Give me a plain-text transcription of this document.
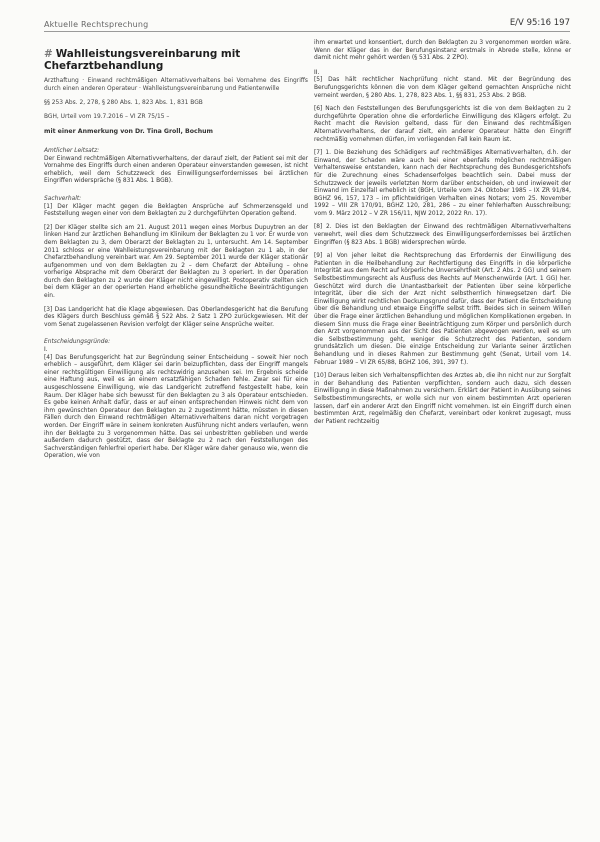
Aktuelle Rechtsprechung	E/V 95:16 197
# Wahlleistungsvereinbarung mit Chefarztbehandlung
Arzthaftung · Einwand rechtmäßigen Alternativverhaltens bei Vornahme des Eingriffs durch einen anderen Operateur · Wahlleistungsvereinbarung und Patientenwille
§§ 253 Abs. 2, 278, § 280 Abs. 1, 823 Abs. 1, 831 BGB
BGH, Urteil vom 19.7.2016 – VI ZR 75/15 –
mit einer Anmerkung von Dr. Tina Groll, Bochum
Amtlicher Leitsatz:

Der Einwand rechtmäßigen Alternativverhaltens, der darauf zielt, der Patient sei mit der Vornahme des Eingriffs durch einen anderen Operateur einverstanden gewesen, ist nicht erheblich, weil dem Schutzzweck des Einwilligungserfordernisses bei ärztlichen Eingriffen widerspräche (§ 831 Abs. 1 BGB).

Sachverhalt:

[1] Der Kläger macht gegen die Beklagten Ansprüche auf Schmerzensgeld und Feststellung wegen einer von dem Beklagten zu 2 durchgeführten Operation geltend.

[2] Der Kläger stellte sich am 21. August 2011 wegen eines Morbus Dupuytren an der linken Hand zur ärztlichen Behandlung im Klinikum der Beklagten zu 1 vor. Er wurde von dem Beklagten zu 3, dem Oberarzt der Beklagten zu 1, untersucht. Am 14. September 2011 schloss er eine Wahlleistungsvereinbarung mit der Beklagten zu 1 ab, in der Chefarztbehandlung vereinbart war. Am 29. September 2011 wurde der Kläger stationär aufgenommen und von dem Beklagten zu 2 – dem Chefarzt der Abteilung – ohne vorherige Absprache mit dem Oberarzt der Beklagten zu 3 operiert. In der Operation durch den Beklagten zu 2 wurde der Kläger nicht eingewilligt. Postoperativ stellten sich bei dem Kläger an der operierten Hand erhebliche gesundheitliche Beeinträchtigungen ein.

[3] Das Landgericht hat die Klage abgewiesen. Das Oberlandesgericht hat die Berufung des Klägers durch Beschluss gemäß § 522 Abs. 2 Satz 1 ZPO zurückgewiesen. Mit der vom Senat zugelassenen Revision verfolgt der Kläger seine Ansprüche weiter.

Entscheidungsgründe:
I.

[4] Das Berufungsgericht hat zur Begründung seiner Entscheidung – soweit hier noch erheblich – ausgeführt, dem Kläger sei darin beizupflichten, dass der Eingriff mangels einer rechtsgültigen Einwilligung als rechtswidrig anzusehen sei. Im Ergebnis scheide eine Haftung aus, weil es an einem ersatzfähigen Schaden fehle. Zwar sei für eine ausgeschlossene Einwilligung, wie das Landgericht zutreffend festgestellt habe, kein Raum. Der Kläger habe sich bewusst für den Beklagten zu 3 als Operateur entschieden. Es gebe keinen Anhalt dafür, dass er auf einen entsprechenden Hinweis nicht dem von ihm gewünschten Operateur den Beklagten zu 2 zugestimmt hätte, müssten in diesen Fällen durch den Einwand rechtmäßigen Alternativverhaltens daran nicht vorgetragen worden. Der Eingriff wäre in seinem konkreten Ausführung nicht anders verlaufen, wenn ihn der Beklagte zu 3 vorgenommen hätte. Das sei unbestritten geblieben und werde außerdem dadurch gestützt, dass der Beklagte zu 2 nach den Feststellungen des Sachverständigen fehlerfrei operiert habe. Der Kläger wäre daher genauso wie, wenn die Operation, wie von

ihm erwartet und konsentiert, durch den Beklagten zu 3 vorgenommen worden wäre. Wenn der Kläger das in der Berufungsinstanz erstmals in Abrede stelle, könne er damit nicht mehr gehört werden (§ 531 Abs. 2 ZPO).

II.

[5] Das hält rechtlicher Nachprüfung nicht stand. Mit der Begründung des Berufungsgerichts können die von dem Kläger geltend gemachten Ansprüche nicht verneint werden, § 280 Abs. 1, 278, 823 Abs. 1, §§ 831, 253 Abs. 2 BGB.

[6] Nach den Feststellungen des Berufungsgerichts ist die von dem Beklagten zu 2 durchgeführte Operation ohne die erforderliche Einwilligung des Klägers erfolgt. Zu Recht macht die Revision geltend, dass für den Einwand des rechtmäßigen Alternativverhaltens, der darauf zielt, ein anderer Operateur hätte den Eingriff rechtmäßig vornehmen dürfen, im vorliegenden Fall kein Raum ist.

[7] 1. Die Beziehung des Schädigers auf rechtmäßiges Alternativverhalten, d.h. der Einwand, der Schaden wäre auch bei einer ebenfalls möglichen rechtmäßigen Verhaltensweise entstanden, kann nach der Rechtsprechung des Bundesgerichtshofs für die Zurechnung eines Schadenserfolges beachtlich sein. Dabei muss der Schutzzweck der jeweils verletzten Norm darüber entscheiden, ob und inwieweit der Einwand im Einzelfall erheblich ist (BGH, Urteile vom 24. Oktober 1985 – IX ZR 91/84, BGHZ 96, 157, 173 – im pflichtwidrigen Verhalten eines Notars; vom 25. November 1992 – VIII ZR 170/91, BGHZ 120, 281, 286 – zu einer fehlerhaften Ausschreibung; vom 9. März 2012 – V ZR 156/11, NJW 2012, 2022 Rn. 17).

[8] 2. Dies ist den Beklagten der Einwand des rechtmäßigen Alternativverhaltens verwehrt, weil dies dem Schutzzweck des Einwilligungserfordernisses bei ärztlichen Eingriffen (§ 823 Abs. 1 BGB) widersprechen würde.

[9] a) Von jeher leitet die Rechtsprechung das Erfordernis der Einwilligung des Patienten in die Heilbehandlung zur Rechtfertigung des Eingriffs in die körperliche Integrität aus dem Recht auf körperliche Unversehrtheit (Art. 2 Abs. 2 GG) und seinem Selbstbestimmungsrecht als Ausfluss des Rechts auf Menschenwürde (Art. 1 GG) her. Geschützt wird durch die Unantastbarkeit der Patienten über seine körperliche Integrität, über die sich der Arzt nicht selbstherrlich hinwegsetzen darf. Die Einwilligung wirkt rechtlichen Deckungsgrund dafür, dass der Patient die Entscheidung über die Behandlung und etwaige Eingriffe selbst trifft. Beides sich in seinem Willen über die Frage einer ärztlichen Behandlung und möglichen Komplikationen ergeben. In diesem Sinn muss die Frage einer Beeinträchtigung zum Körper und persönlich durch den Arzt vorgenommen aus der Sicht des Patienten abgewogen werden, weil es um die Selbstbestimmung geht, weniger die Schutzrecht des Patienten, sondern grundsätzlich um diesen. Die einzige Entscheidung zur Variante seiner ärztlichen Behandlung und in dieses Rahmen zur Bestimmung geht (Senat, Urteil vom 14. Februar 1989 – VI ZR 65/88, BGHZ 106, 391, 397 f.).

[10] Deraus leiten sich Verhaltenspflichten des Arztes ab, die ihn nicht nur zur Sorgfalt in der Behandlung des Patienten verpflichten, sondern auch dazu, sich dessen Einwilligung in diese Maßnahmen zu versichern. Erklärt der Patient in Ausübung seines Selbstbestimmungsrechts, er wolle sich nur von einem bestimmten Arzt operieren lassen, darf ein anderer Arzt den Eingriff nicht vornehmen. Ist ein Eingriff durch einen bestimmten Arzt, regelmäßig den Chefarzt, vereinbart oder konkret zugesagt, muss der Patient rechtzeitig
